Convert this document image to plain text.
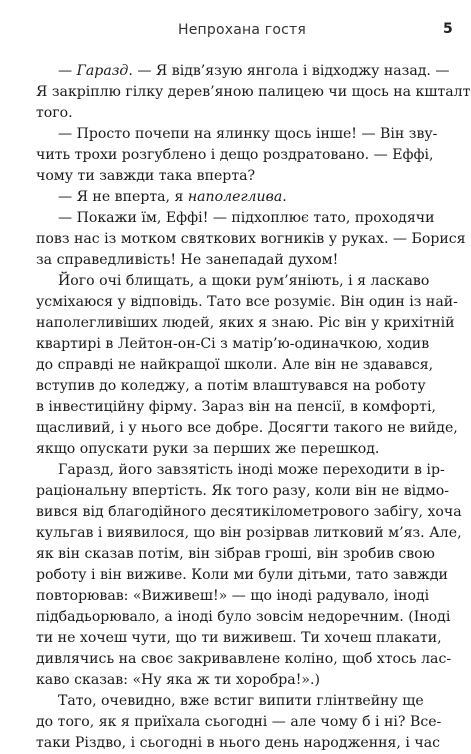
Непрохана гостя	5
— Гаразд. — Я відв’язую янгола і відходжу назад. —
Я закріплю гілку дерев’яною палицею чи щось на кшталт
того.
— Просто почепи на ялинку щось інше! — Він зву-
чить трохи розгублено і дещо роздратовано. — Еффі,
чому ти завжди така вперта?
— Я не вперта, я наполеглива.
— Покажи їм, Еффі! — підхоплює тато, проходячи
повз нас із мотком святкових вогників у руках. — Борися
за справедливість! Не занепадай духом!
Його очі блищать, а щоки рум’яніють, і я ласкаво
усміхаюся у відповідь. Тато все розуміє. Він один із най-
наполегливіших людей, яких я знаю. Ріс він у крихітній
квартирі в Лейтон-он-Сі з матір’ю-одиначкою, ходив
до справді не найкращої школи. Але він не здавався,
вступив до коледжу, а потім влаштувався на роботу
в інвестиційну фірму. Зараз він на пенсії, в комфорті,
щасливий, і у нього все добре. Досягти такого не вийде,
якщо опускати руки за перших же перешкод.
Гаразд, його завзятість іноді може переходити в ір-
раціональну впертість. Як того разу, коли він не відмо-
вився від благодійного десятикілометрового забігу, хоча
кульгав і виявилося, що він розірвав литковий м’яз. Але,
як він сказав потім, він зібрав гроші, він зробив свою
роботу і він виживе. Коли ми були дітьми, тато завжди
повторював: «Виживеш!» — що іноді радувало, іноді
підбадьорювало, а іноді було зовсім недоречним. (Іноді
ти не хочеш чути, що ти виживеш. Ти хочеш плакати,
дивлячись на своє закривавлене коліно, щоб хтось лас-
каво сказав: «Ну яка ж ти хоробра!».)
Тато, очевидно, вже встиг випити глінтвейну ще
до того, як я приїхала сьогодні — але чому б і ні? Все-
таки Різдво, і сьогодні в нього день народження, і час
